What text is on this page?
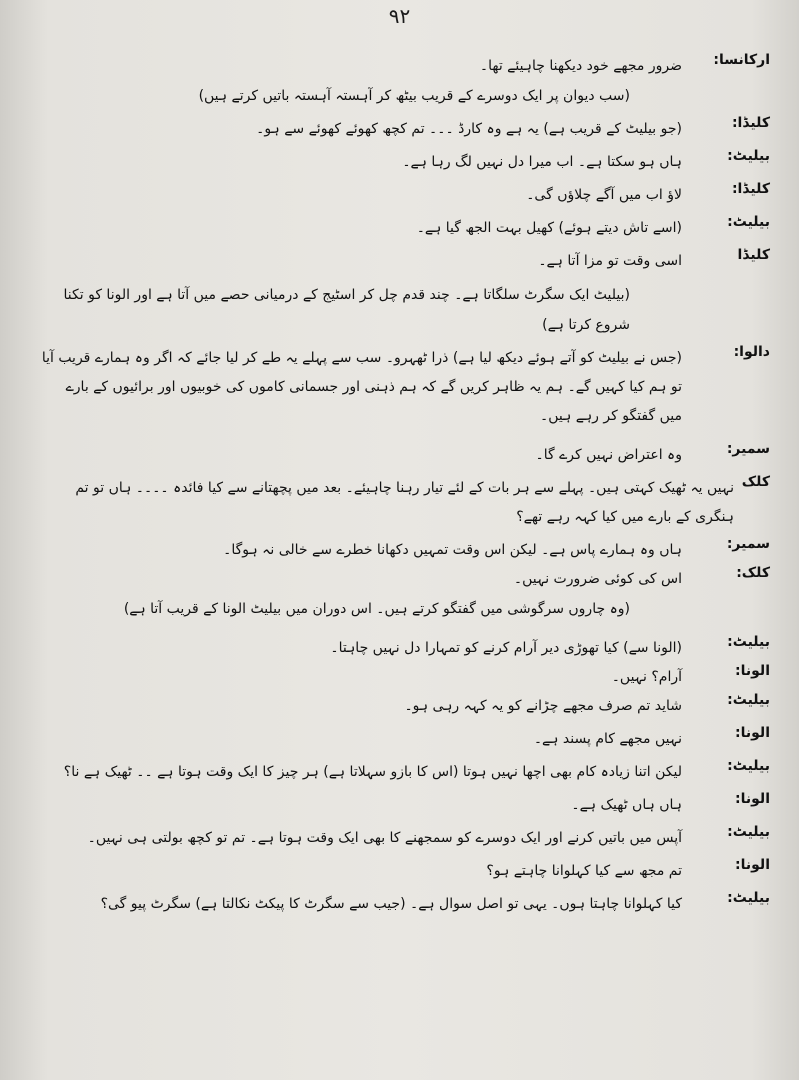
۹۲
ارکانسا:
ضرور مجھے خود دیکھنا چاہیئے تھا۔
(سب دیوان پر ایک دوسرے کے قریب بیٹھ کر آہستہ آہستہ باتیں کرتے ہیں)
کلیڈا:
(جو بیلیٹ کے قریب ہے) یہ ہے وہ کارڈ ۔۔۔ تم کچھ کھوئے کھوئے سے ہو۔
بیلیٹ:
ہاں ہو سکتا ہے۔ اب میرا دل نہیں لگ رہا ہے۔
کلیڈا:
لاؤ اب میں آگے چلاؤں گی۔
بیلیٹ:
(اسے تاش دیتے ہوئے) کھیل بہت الجھ گیا ہے۔
کلیڈا
اسی وقت تو مزا آتا ہے۔
(بیلیٹ ایک سگرٹ سلگاتا ہے۔ چند قدم چل کر اسٹیج کے درمیانی حصے میں آتا ہے اور الونا کو تکنا شروع کرتا ہے)
دالوا:
(جس نے بیلیٹ کو آتے ہوئے دیکھ لیا ہے) ذرا ٹھہرو۔ سب سے پہلے یہ طے کر لیا جائے کہ اگر وہ ہمارے قریب آیا تو ہم کیا کہیں گے۔ ہم یہ ظاہر کریں گے کہ ہم ذہنی اور جسمانی کاموں کی خوبیوں اور برائیوں کے بارے میں گفتگو کر رہے ہیں۔
سمیر:
وہ اعتراض نہیں کرے گا۔
کلک
نہیں یہ ٹھیک کہتی ہیں۔ پہلے سے ہر بات کے لئے تیار رہنا چاہیئے۔ بعد میں پچھتانے سے کیا فائدہ ۔۔۔۔ ہاں تو تم ہنگری کے بارے میں کیا کہہ رہے تھے؟
سمیر:
ہاں وہ ہمارے پاس ہے۔ لیکن اس وقت تمہیں دکھانا خطرے سے خالی نہ ہوگا۔
کلک:
اس کی کوئی ضرورت نہیں۔
(وہ چاروں سرگوشی میں گفتگو کرتے ہیں۔ اس دوران میں بیلیٹ الونا کے قریب آتا ہے)
بیلیٹ:
(الونا سے) کیا تھوڑی دیر آرام کرنے کو تمہارا دل نہیں چاہتا۔
الونا:
آرام؟ نہیں۔
بیلیٹ:
شاید تم صرف مجھے چڑانے کو یہ کہہ رہی ہو۔
الونا:
نہیں مجھے کام پسند ہے۔
بیلیٹ:
لیکن اتنا زیادہ کام بھی اچھا نہیں ہوتا (اس کا بازو سہلاتا ہے) ہر چیز کا ایک وقت ہوتا ہے ۔۔ ٹھیک ہے نا؟
الونا:
ہاں ہاں ٹھیک ہے۔
بیلیٹ:
آپس میں باتیں کرنے اور ایک دوسرے کو سمجھنے کا بھی ایک وقت ہوتا ہے۔ تم تو کچھ بولتی ہی نہیں۔
الونا:
تم مجھ سے کیا کہلوانا چاہتے ہو؟
بیلیٹ:
کیا کہلوانا چاہتا ہوں۔ یہی تو اصل سوال ہے۔ (جیب سے سگرٹ کا پیکٹ نکالتا ہے) سگرٹ پیو گی؟
